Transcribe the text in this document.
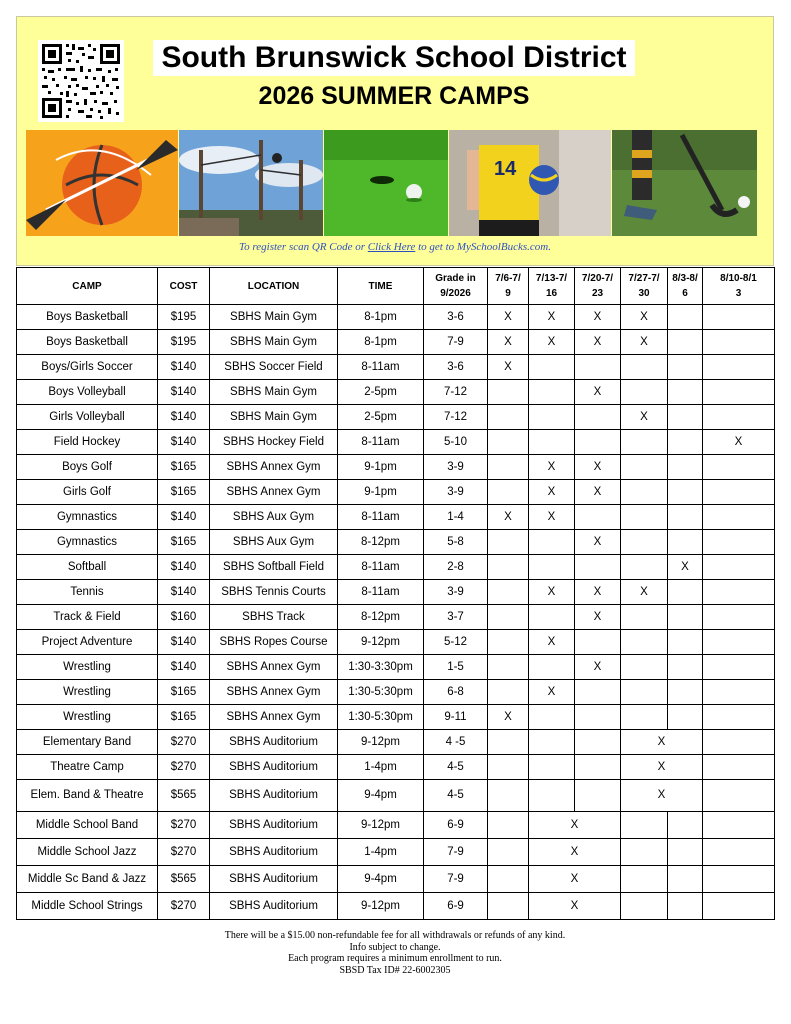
South Brunswick School District
2026 SUMMER CAMPS
14
To register scan QR Code or Click Here to get to MySchoolBucks.com.
CAMP	COST	LOCATION	TIME	Grade in 9/2026	7/6-7/9	7/13-7/16	7/20-7/23	7/27-7/30	8/3-8/6	8/10-8/13
Boys Basketball	$195	SBHS Main Gym	8-1pm	3-6	X	X	X	X		
Boys Basketball	$195	SBHS Main Gym	8-1pm	7-9	X	X	X	X		
Boys/Girls Soccer	$140	SBHS Soccer Field	8-11am	3-6	X					
Boys Volleyball	$140	SBHS Main Gym	2-5pm	7-12			X			
Girls Volleyball	$140	SBHS Main Gym	2-5pm	7-12				X		
Field Hockey	$140	SBHS Hockey Field	8-11am	5-10						X
Boys Golf	$165	SBHS Annex Gym	9-1pm	3-9		X	X			
Girls Golf	$165	SBHS Annex Gym	9-1pm	3-9		X	X			
Gymnastics	$140	SBHS Aux Gym	8-11am	1-4	X	X				
Gymnastics	$165	SBHS Aux Gym	8-12pm	5-8			X			
Softball	$140	SBHS Softball Field	8-11am	2-8					X	
Tennis	$140	SBHS Tennis Courts	8-11am	3-9		X	X	X		
Track & Field	$160	SBHS Track	8-12pm	3-7			X			
Project Adventure	$140	SBHS Ropes Course	9-12pm	5-12		X				
Wrestling	$140	SBHS Annex Gym	1:30-3:30pm	1-5			X			
Wrestling	$165	SBHS Annex Gym	1:30-5:30pm	6-8		X				
Wrestling	$165	SBHS Annex Gym	1:30-5:30pm	9-11	X					
Elementary Band	$270	SBHS Auditorium	9-12pm	4 -5				X		
Theatre Camp	$270	SBHS Auditorium	1-4pm	4-5				X		
Elem. Band & Theatre	$565	SBHS Auditorium	9-4pm	4-5				X		
Middle School Band	$270	SBHS Auditorium	9-12pm	6-9		X				
Middle School Jazz	$270	SBHS Auditorium	1-4pm	7-9		X				
Middle Sc Band & Jazz	$565	SBHS Auditorium	9-4pm	7-9		X				
Middle School Strings	$270	SBHS Auditorium	9-12pm	6-9		X				
There will be a $15.00 non-refundable fee for all withdrawals or refunds of any kind.
Info subject to change.
Each program requires a minimum enrollment to run.
SBSD Tax ID# 22-6002305
